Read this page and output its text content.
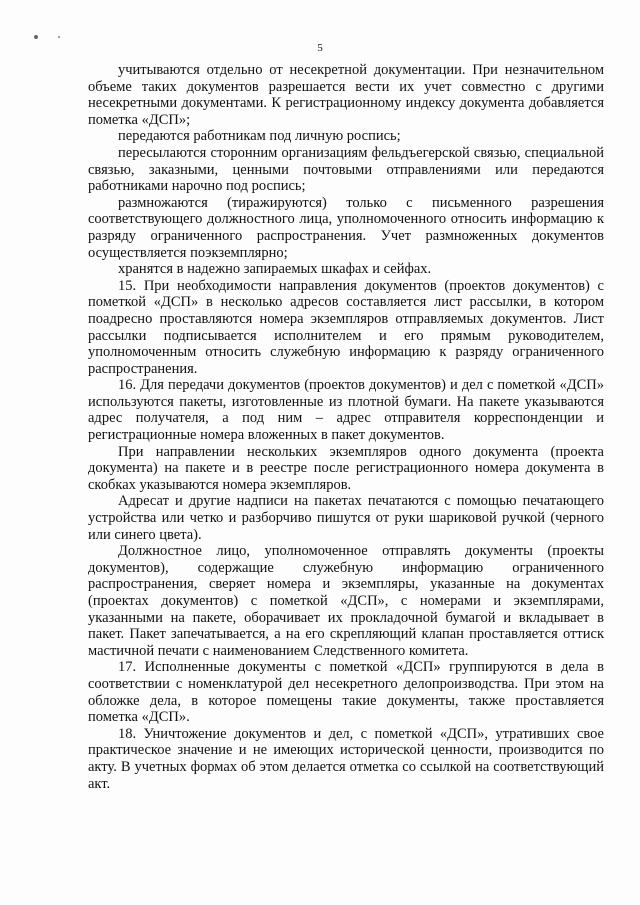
5

учитываются отдельно от несекретной документации. При незначительном объеме таких документов разрешается вести их учет совместно с другими несекретными документами. К регистрационному индексу документа добавляется пометка «ДСП»;

передаются работникам под личную роспись;

пересылаются сторонним организациям фельдъегерской связью, специальной связью, заказными, ценными почтовыми отправлениями или передаются работниками нарочно под роспись;

размножаются (тиражируются) только с письменного разрешения соответствующего должностного лица, уполномоченного относить информацию к разряду ограниченного распространения. Учет размноженных документов осуществляется поэкземплярно;

хранятся в надежно запираемых шкафах и сейфах.

15. При необходимости направления документов (проектов документов) с пометкой «ДСП» в несколько адресов составляется лист рассылки, в котором поадресно проставляются номера экземпляров отправляемых документов. Лист рассылки подписывается исполнителем и его прямым руководителем, уполномоченным относить служебную информацию к разряду ограниченного распространения.

16. Для передачи документов (проектов документов) и дел с пометкой «ДСП» используются пакеты, изготовленные из плотной бумаги. На пакете указываются адрес получателя, а под ним – адрес отправителя корреспонденции и регистрационные номера вложенных в пакет документов.

При направлении нескольких экземпляров одного документа (проекта документа) на пакете и в реестре после регистрационного номера документа в скобках указываются номера экземпляров.

Адресат и другие надписи на пакетах печатаются с помощью печатающего устройства или четко и разборчиво пишутся от руки шариковой ручкой (черного или синего цвета).

Должностное лицо, уполномоченное отправлять документы (проекты документов), содержащие служебную информацию ограниченного распространения, сверяет номера и экземпляры, указанные на документах (проектах документов) с пометкой «ДСП», с номерами и экземплярами, указанными на пакете, оборачивает их прокладочной бумагой и вкладывает в пакет. Пакет запечатывается, а на его скрепляющий клапан проставляется оттиск мастичной печати с наименованием Следственного комитета.

17. Исполненные документы с пометкой «ДСП» группируются в дела в соответствии с номенклатурой дел несекретного делопроизводства. При этом на обложке дела, в которое помещены такие документы, также проставляется пометка «ДСП».

18. Уничтожение документов и дел, с пометкой «ДСП», утративших свое практическое значение и не имеющих исторической ценности, производится по акту. В учетных формах об этом делается отметка со ссылкой на соответствующий акт.
